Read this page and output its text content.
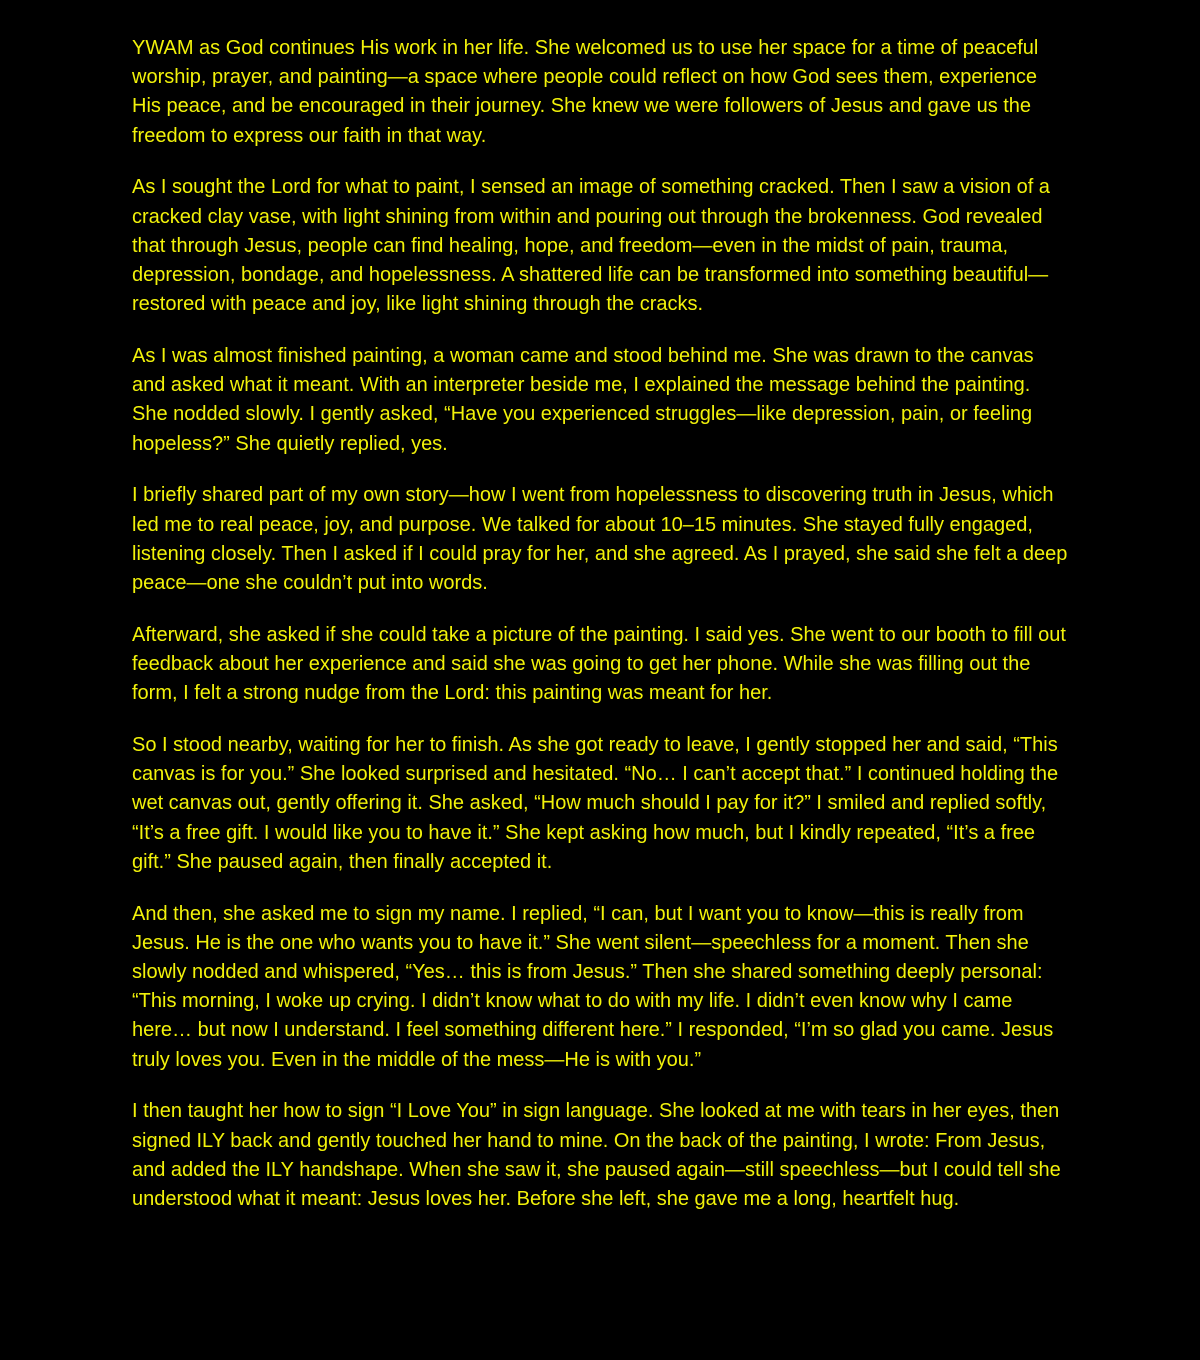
YWAM as God continues His work in her life. She welcomed us to use her space for a time of peaceful worship, prayer, and painting—a space where people could reflect on how God sees them, experience His peace, and be encouraged in their journey. She knew we were followers of Jesus and gave us the freedom to express our faith in that way.

As I sought the Lord for what to paint, I sensed an image of something cracked. Then I saw a vision of a cracked clay vase, with light shining from within and pouring out through the brokenness. God revealed that through Jesus, people can find healing, hope, and freedom—even in the midst of pain, trauma, depression, bondage, and hopelessness. A shattered life can be transformed into something beautiful—restored with peace and joy, like light shining through the cracks.

As I was almost finished painting, a woman came and stood behind me. She was drawn to the canvas and asked what it meant. With an interpreter beside me, I explained the message behind the painting. She nodded slowly. I gently asked, “Have you experienced struggles—like depression, pain, or feeling hopeless?” She quietly replied, yes.

I briefly shared part of my own story—how I went from hopelessness to discovering truth in Jesus, which led me to real peace, joy, and purpose. We talked for about 10–15 minutes. She stayed fully engaged, listening closely. Then I asked if I could pray for her, and she agreed. As I prayed, she said she felt a deep peace—one she couldn’t put into words.

Afterward, she asked if she could take a picture of the painting. I said yes. She went to our booth to fill out feedback about her experience and said she was going to get her phone. While she was filling out the form, I felt a strong nudge from the Lord: this painting was meant for her.

So I stood nearby, waiting for her to finish. As she got ready to leave, I gently stopped her and said, “This canvas is for you.” She looked surprised and hesitated. “No… I can’t accept that.” I continued holding the wet canvas out, gently offering it. She asked, “How much should I pay for it?” I smiled and replied softly, “It’s a free gift. I would like you to have it.” She kept asking how much, but I kindly repeated, “It’s a free gift.” She paused again, then finally accepted it.

And then, she asked me to sign my name. I replied, “I can, but I want you to know—this is really from Jesus. He is the one who wants you to have it.” She went silent—speechless for a moment. Then she slowly nodded and whispered, “Yes… this is from Jesus.” Then she shared something deeply personal: “This morning, I woke up crying. I didn’t know what to do with my life. I didn’t even know why I came here… but now I understand. I feel something different here.” I responded, “I’m so glad you came. Jesus truly loves you. Even in the middle of the mess—He is with you.”

I then taught her how to sign “I Love You” in sign language. She looked at me with tears in her eyes, then signed ILY back and gently touched her hand to mine. On the back of the painting, I wrote: From Jesus, and added the ILY handshape. When she saw it, she paused again—still speechless—but I could tell she understood what it meant: Jesus loves her. Before she left, she gave me a long, heartfelt hug.
